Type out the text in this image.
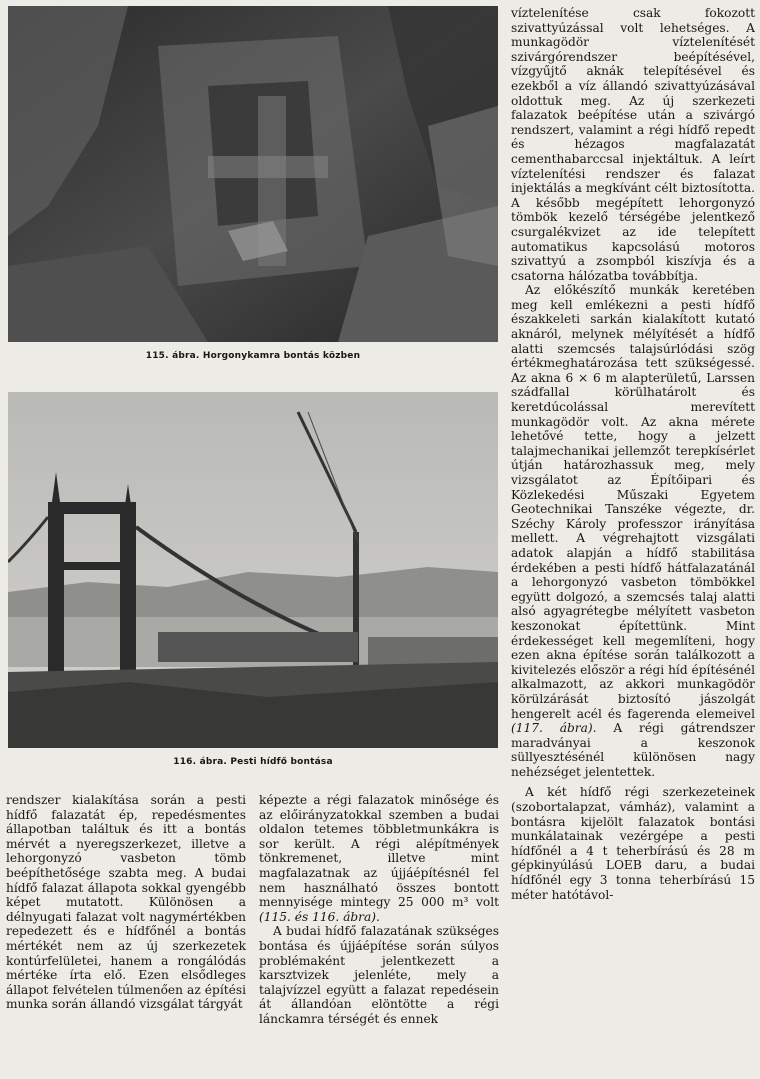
115. ábra. Horgonykamra bontás közben
116. ábra. Pesti hídfő bontása

víztelenítése csak fokozott szivattyúzással volt lehetséges. A munkagödör víztelenítését szivárgórendszer beépítésével, vízgyűjtő aknák telepítésével és ezekből a víz állandó szivattyúzásával oldottuk meg. Az új szerkezeti falazatok beépítése után a szivárgó rendszert, valamint a régi hídfő repedt és hézagos magfalazatát cementhabarccsal injektáltuk. A leírt víztelenítési rendszer és falazat injektálás a megkívánt célt biztosította. A később megépített lehorgonyzó tömbök kezelő térségébe jelentkező csurgalékvizet az ide telepített automatikus kapcsolású motoros szivattyú a zsompból kiszívja és a csatorna hálózatba továbbítja.

Az előkészítő munkák keretében meg kell emlékezni a pesti hídfő északkeleti sarkán kialakított kutató aknáról, melynek mélyítését a hídfő alatti szemcsés talajsúrlódási szög értékmeghatározása tett szükségessé. Az akna 6 × 6 m alapterületű, Larssen szádfallal körülhatárolt és keretdúcolással merevített munkagödör volt. Az akna mérete lehetővé tette, hogy a jelzett talajmechanikai jellemzőt terepkísérlet útján határozhassuk meg, mely vizsgálatot az Építőipari és Közlekedési Műszaki Egyetem Geotechnikai Tanszéke végezte, dr. Széchy Károly professzor irányítása mellett. A végrehajtott vizsgálati adatok alapján a hídfő stabilitása érdekében a pesti hídfő hátfalazatánál a lehorgonyzó vasbeton tömbökkel együtt dolgozó, a szemcsés talaj alatti alsó agyagrétegbe mélyített vasbeton keszonokat építettünk. Mint érdekességet kell megemlíteni, hogy ezen akna építése során találkozott a kivitelezés először a régi híd építésénél alkalmazott, az akkori munkagödör körülzárását biztosító jászolgát hengerelt acél és fagerenda elemeivel (117. ábra). A régi gátrendszer maradványai a keszonok süllyesztésénél különösen nagy nehézséget jelentettek.

A két hídfő régi szerkezeteinek (szobortalapzat, vámház), valamint a bontásra kijelölt falazatok bontási munkálatainak vezérgépe a pesti hídfőnél a 4 t teherbírású és 28 m gépkinyúlású LOEB daru, a budai hídfőnél egy 3 tonna teherbírású 15 méter hatótávol-

rendszer kialakítása során a pesti hídfő falazatát ép, repedésmentes állapotban találtuk és itt a bontás mérvét a nyeregszerkezet, illetve a lehorgonyzó vasbeton tömb beépíthetősége szabta meg. A budai hídfő falazat állapota sokkal gyengébb képet mutatott. Különösen a délnyugati falazat volt nagymértékben repedezett és e hídfőnél a bontás mértékét nem az új szerkezetek kontúrfelületei, hanem a rongálódás mértéke írta elő. Ezen elsődleges állapot felvételen túlmenően az építési munka során állandó vizsgálat tárgyát

képezte a régi falazatok minősége és az előirányzatokkal szemben a budai oldalon tetemes többletmunkákra is sor került. A régi alépítmények tönkremenet, illetve mint magfalazatnak az újjáépítésnél fel nem használható összes bontott mennyisége mintegy 25 000 m³ volt (115. és 116. ábra).

A budai hídfő falazatának szükséges bontása és újjáépítése során súlyos problémaként jelentkezett a karsztvizek jelenléte, mely a talajvízzel együtt a falazat repedésein át állandóan elöntötte a régi lánckamra térségét és ennek
